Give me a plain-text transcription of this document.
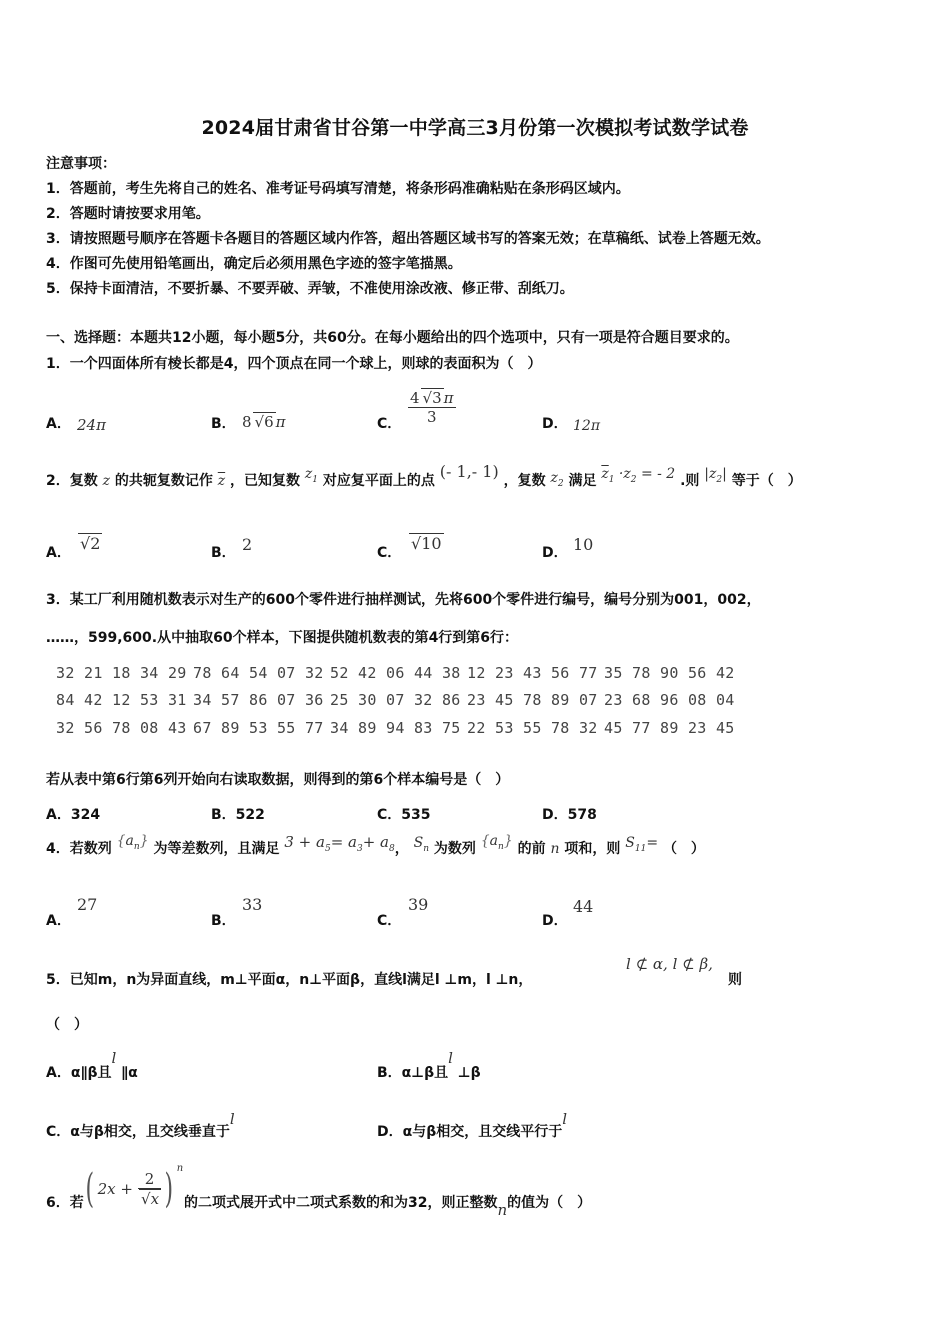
2024届甘肃省甘谷第一中学高三3月份第一次模拟考试数学试卷
注意事项：
1．答题前，考生先将自己的姓名、准考证号码填写清楚，将条形码准确粘贴在条形码区域内。
2．答题时请按要求用笔。
3．请按照题号顺序在答题卡各题目的答题区域内作答，超出答题区域书写的答案无效；在草稿纸、试卷上答题无效。
4．作图可先使用铅笔画出，确定后必须用黑色字迹的签字笔描黑。
5．保持卡面清洁，不要折暴、不要弄破、弄皱，不准使用涂改液、修正带、刮纸刀。
一、选择题：本题共12小题，每小题5分，共60分。在每小题给出的四个选项中，只有一项是符合题目要求的。
1．一个四面体所有棱长都是4，四个顶点在同一个球上，则球的表面积为（　）
A． 24π	B． 8 √6 π	C． $\frac{4 √3 \pi}{3}$	D． 12π
2．复数 z 的共轭复数记作 $\overline{z}$ ，已知复数 $z_1$ 对应复平面上的点 (- 1,- 1) ，复数 $z_2$ 满足 $\overline{z}_1 \cdot z_2$ = - 2 .则 $|z_2|$ 等于（　）
A． √2	B． 2	C． √10	D． 10
3．某工厂利用随机数表示对生产的600个零件进行抽样测试，先将600个零件进行编号，编号分别为001，002，
……，599,600.从中抽取60个样本，下图提供随机数表的第4行到第6行：
32 21 18 34 29 78 64 54 07 32 52 42 06 44 38 12 23 43 56 77 35 78 90 56 42
84 42 12 53 31 34 57 86 07 36 25 30 07 32 86 23 45 78 89 07 23 68 96 08 04
32 56 78 08 43 67 89 53 55 77 34 89 94 83 75 22 53 55 78 32 45 77 89 23 45
若从表中第6行第6列开始向右读取数据，则得到的第6个样本编号是（　）
A．324	B．522	C．535	D．578
4．若数列 $\{a_n\}$ 为等差数列，且满足 $3 + a_5= a_3+ a_8$， $S_n$ 为数列 $\{a_n\}$ 的前 n 项和，则 $S_{11}=$ （　）
A．
27
B．
33
C．
39
D．
44
5．已知m，n为异面直线，m⊥平面α，n⊥平面β，直线l满足l ⊥m，l ⊥n，
l ⊄ α, l ⊄ β,
则
（　）
A．α∥β且l ∥α	B．α⊥β且l ⊥β
C．α与β相交，且交线垂直于l
D．α与β相交，且交线平行于l
6．若 ( $2x + \frac{2}{√x}$ ) $^n$
的二项式展开式中二项式系数的和为32，则正整数n的值为（　）
